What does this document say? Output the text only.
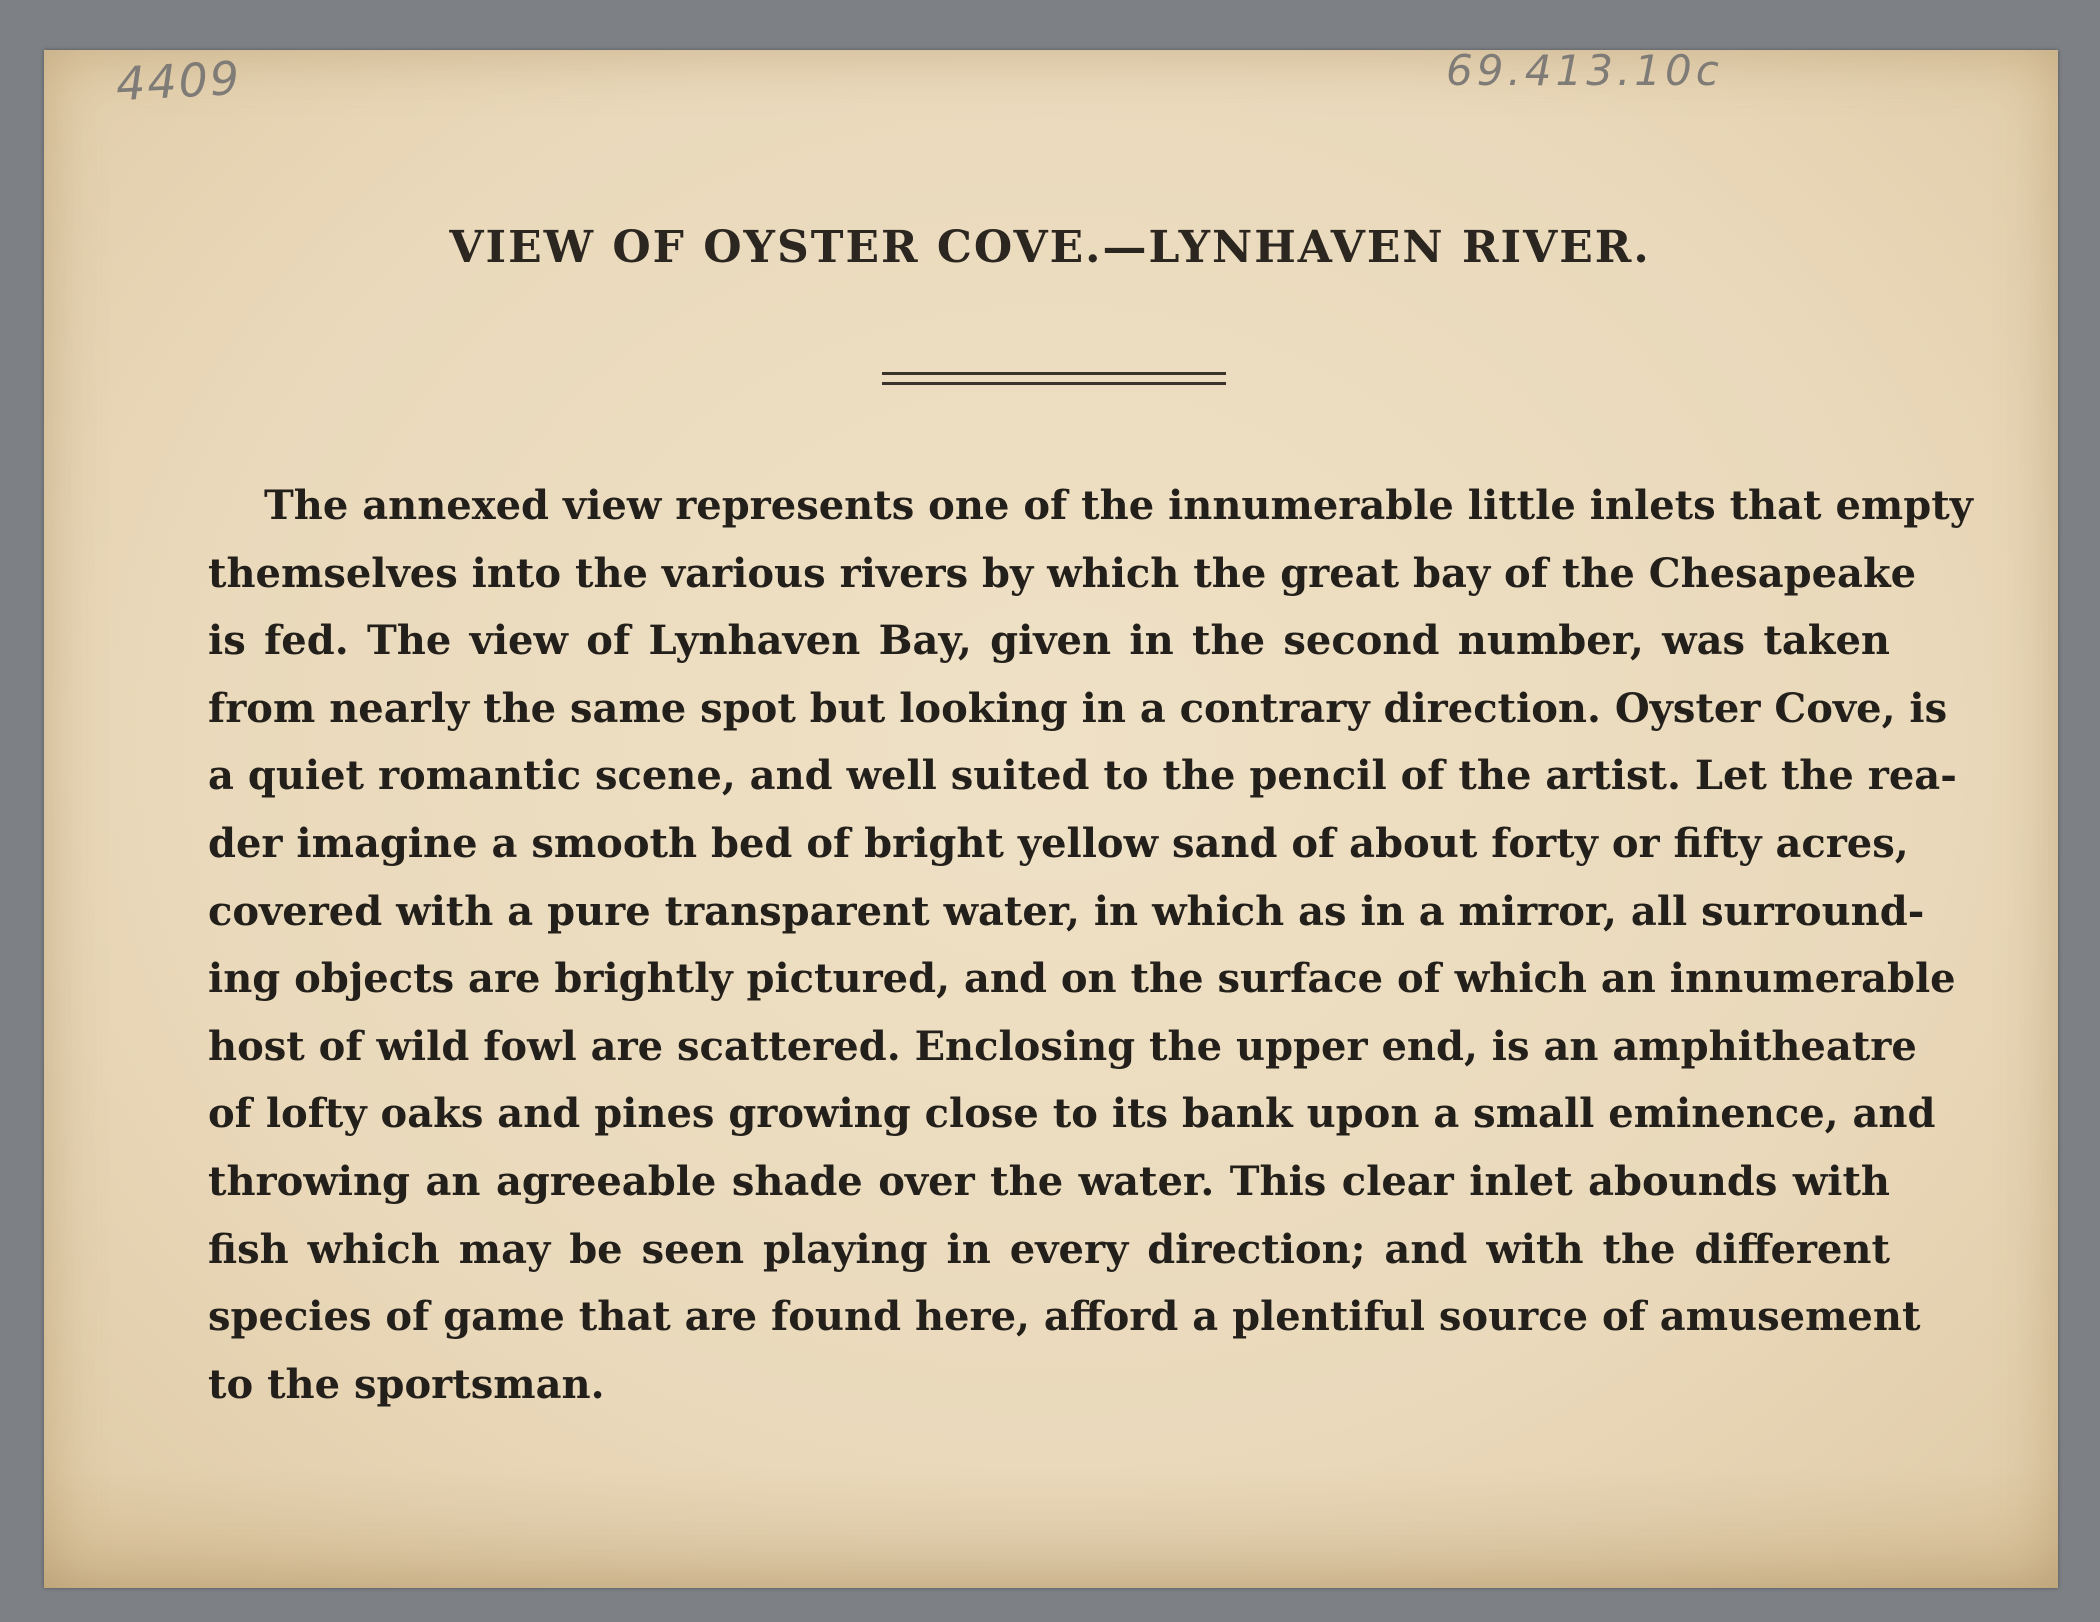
4409	69.413.10c
VIEW OF OYSTER COVE.—LYNHAVEN RIVER.
The annexed view represents one of the innumerable little inlets that empty
themselves into the various rivers by which the great bay of the Chesapeake
is fed. The view of Lynhaven Bay, given in the second number, was taken
from nearly the same spot but looking in a contrary direction. Oyster Cove, is
a quiet romantic scene, and well suited to the pencil of the artist. Let the rea-
der imagine a smooth bed of bright yellow sand of about forty or fifty acres,
covered with a pure transparent water, in which as in a mirror, all surround-
ing objects are brightly pictured, and on the surface of which an innumerable
host of wild fowl are scattered. Enclosing the upper end, is an amphitheatre
of lofty oaks and pines growing close to its bank upon a small eminence, and
throwing an agreeable shade over the water. This clear inlet abounds with
fish which may be seen playing in every direction; and with the different
species of game that are found here, afford a plentiful source of amusement
to the sportsman.
